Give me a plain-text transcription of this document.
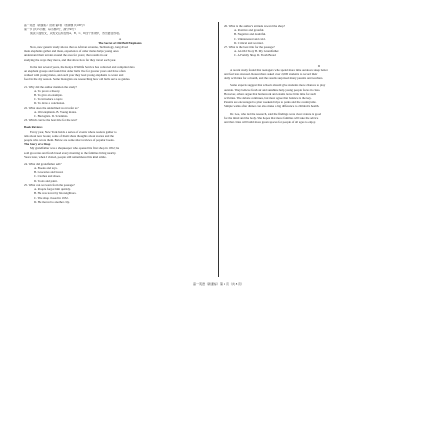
高一英语（新课标）试卷 第Ⅰ卷（选择题 共100分）
第一节 (共15小题；每小题2分，满分30分）
阅读下面短文，从短文后所给的A、B、C、D四个选项中，选出最佳选项。
A
The Secret of Old Bull Elephants
Now, new genetic study shows that as African savanna, Technology, long-lived
male elephants gather and mate, experience of older males helps young ones
understand their terrain around the area for years; that results in our
studying the ways they move, and that show how far they travel each year.
In the last several years, the Kenya Wildlife Service has collected and compiled data
on elephant groups and found that older bulls live for greater years and have often
walked with young males, and each year they lead young elephants to water and
food in the dry season. Some biologists are researching how old bulls serve as guides.
21. Why did the author mention the study?
A. To prove a theory.
B. To give an example.
C. To introduce a topic.
D. To draw a conclusion.
22. What does the underlined word refer to?
A. Old elephants. B. Young males.
C. Biologists. D. Scientists.
23. Which can be the best title for the text?
Book Reviews
Every year, New York holds a series of events where readers gather to
talk about new books; some of them share thoughts about stories and the
people who wrote them. Below are some short reviews of popular books.
The Story of a Shop
My grandfather was a shopkeeper who opened his first shop in 1952; he
sold groceries and fresh bread every morning to the families living nearby.
Years later, when I visited, people still remembered his kind smile.
24. What did grandfather sell?
A. Books and toys.
B. Groceries and bread.
C. Clothes and shoes.
D. Tools and paint.
25. What can we learn from the passage?
A. People forgot him quickly.
B. He was loved by his neighbors.
C. The shop closed in 1952.
D. He moved to another city.
26. What is the author's attitude toward the shop?
A. Positive and grateful.
B. Negative and doubtful.
C. Uninterested and cold.
D. Critical and worried.
27. What is the best title for the passage?
A. An Old Story B. My Grandfather
C. A Family Shop D. Fresh Bread
D
A recent study found that teenagers who spend more time outdoors sleep better
and feel less stressed. Researchers asked over 2,000 students to record their
daily activities for a month, and the results surprised many parents and teachers.
Some experts suggest that schools should give students more chances to play
outside. They believe fresh air and sunshine help young people focus in class.
However, others argue that homework and exams leave little time for such
activities. The debate continues, but most agree that balance is the key.
Parents are encouraged to plan weekend trips to parks and the countryside.
Simple walks after dinner can also make a big difference to children's health.
Dr. Lee, who led the research, said the findings were clear: nature is good
for the mind and the body. She hopes that more families will take the advice
and that cities will build more green spaces for people of all ages to enjoy.
高一英语（新课标）第 1 页（共 8 页）
